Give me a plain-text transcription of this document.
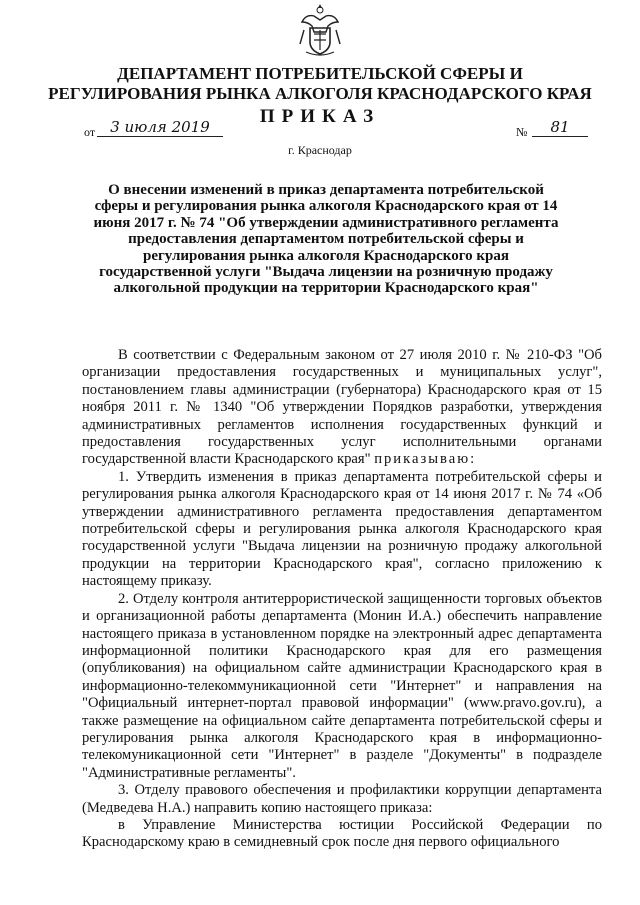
ДЕПАРТАМЕНТ ПОТРЕБИТЕЛЬСКОЙ СФЕРЫ И РЕГУЛИРОВАНИЯ РЫНКА АЛКОГОЛЯ КРАСНОДАРСКОГО КРАЯ
ПРИКАЗ
от	3 июля 2019	№	81
г. Краснодар
О внесении изменений в приказ департамента потребительской сферы и регулирования рынка алкоголя Краснодарского края от 14 июня 2017 г. № 74 "Об утверждении административного регламента предоставления департаментом потребительской сферы и регулирования рынка алкоголя Краснодарского края государственной услуги "Выдача лицензии на розничную продажу алкогольной продукции на территории Краснодарского края"

В соответствии с Федеральным законом от 27 июля 2010 г. № 210-ФЗ "Об организации предоставления государственных и муниципальных услуг", постановлением главы администрации (губернатора) Краснодарского края от 15 ноября 2011 г. № 1340 "Об утверждении Порядков разработки, утверждения административных регламентов исполнения государственных функций и предоставления государственных услуг исполнительными органами государственной власти Краснодарского края" приказываю:

1. Утвердить изменения в приказ департамента потребительской сферы и регулирования рынка алкоголя Краснодарского края от 14 июня 2017 г. № 74 «Об утверждении административного регламента предоставления департаментом потребительской сферы и регулирования рынка алкоголя Краснодарского края государственной услуги "Выдача лицензии на розничную продажу алкогольной продукции на территории Краснодарского края", согласно приложению к настоящему приказу.

2. Отделу контроля антитеррористической защищенности торговых объектов и организационной работы департамента (Монин И.А.) обеспечить направление настоящего приказа в установленном порядке на электронный адрес департамента информационной политики Краснодарского края для его размещения (опубликования) на официальном сайте администрации Краснодарского края в информационно-телекоммуникационной сети "Интернет" и направления на "Официальный интернет-портал правовой информации" (www.pravo.gov.ru), а также размещение на официальном сайте департамента потребительской сферы и регулирования рынка алкоголя Краснодарского края в информационно-телекомуникационной сети "Интернет" в разделе "Документы" в подразделе "Административные регламенты".

3. Отделу правового обеспечения и профилактики коррупции департамента (Медведева Н.А.) направить копию настоящего приказа:

в Управление Министерства юстиции Российской Федерации по Краснодарскому краю в семидневный срок после дня первого официального
